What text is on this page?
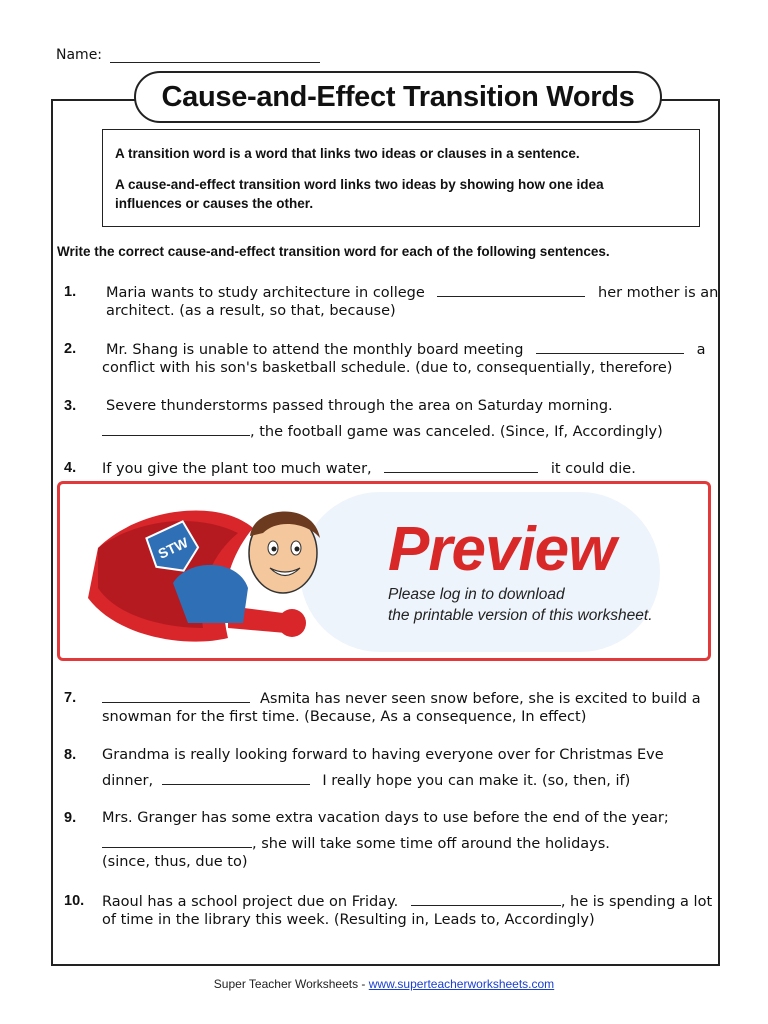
Name:
Cause-and-Effect Transition Words

A transition word is a word that links two ideas or clauses in a sentence.

A cause-and-effect transition word links two ideas by showing how one idea
influences or causes the other.

Write the correct cause-and-effect transition word for each of the following sentences.
1. Maria wants to study architecture in college	her mother is an
architect. (as a result, so that, because)
2. Mr. Shang is unable to attend the monthly board meeting	a
conflict with his son's basketball schedule. (due to, consequentially, therefore)
3. Severe thunderstorms passed through the area on Saturday morning.
, the football game was canceled. (Since, If, Accordingly)
4. If you give the plant too much water,	it could die.
STW	Preview
Please log in to download
the printable version of this worksheet.
7.	Asmita has never seen snow before, she is excited to build a
snowman for the first time. (Because, As a consequence, In effect)
8. Grandma is really looking forward to having everyone over for Christmas Eve
dinner,	I really hope you can make it. (so, then, if)
9. Mrs. Granger has some extra vacation days to use before the end of the year;
, she will take some time off around the holidays.
(since, thus, due to)
10. Raoul has a school project due on Friday.	, he is spending a lot
of time in the library this week. (Resulting in, Leads to, Accordingly)
Super Teacher Worksheets - www.superteacherworksheets.com
